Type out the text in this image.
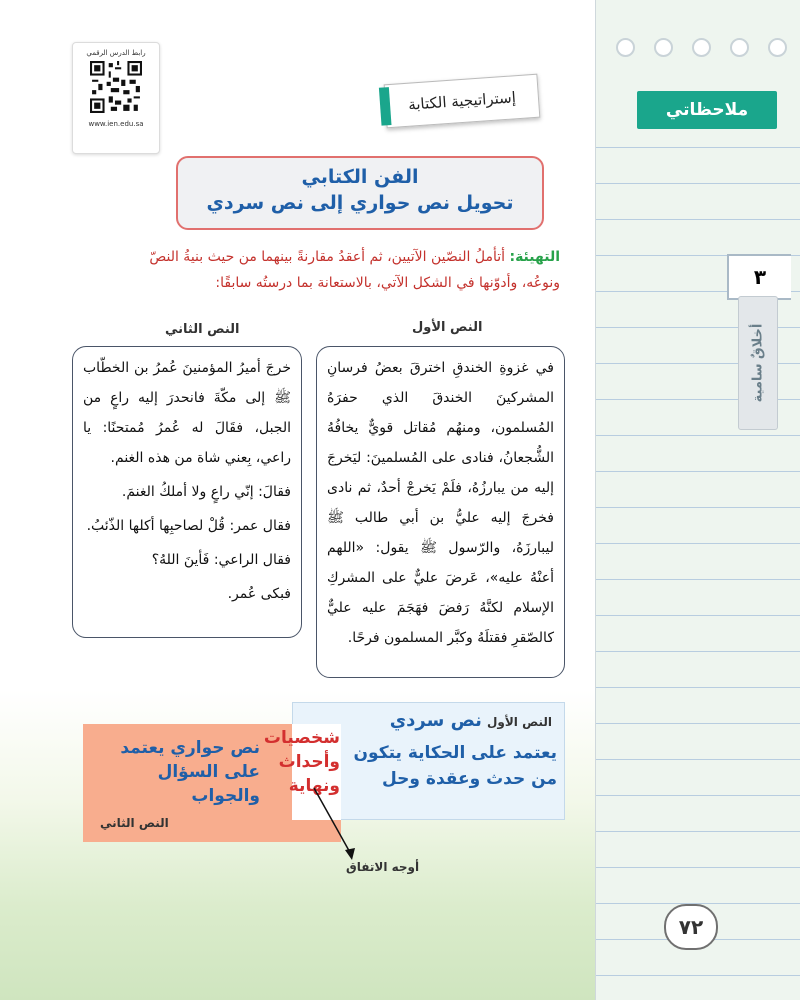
ملاحظاتي
٣
أخلاقٌ سامية
٧٢
رابط الدرس الرقمي
www.ien.edu.sa
إستراتيجية الكتابة
الفن الكتابي
تحويل نص حواري إلى نص سردي
التهيئة: أتأملُ النصّين الآتيين، ثم أعقدُ مقارنةً بينهما من حيث بنيةُ النصّ
ونوعُه، وأدوّنها في الشكل الآتي، بالاستعانة بما درستُه سابقًا:
النص الأول
النص الثاني
في غزوةِ الخندقِ اخترقَ بعضُ فرسانِ المشركينَ الخندقَ الذي حفرَهُ المُسلمون، ومنهُم مُقاتل قويٌّ يخافُهُ الشُّجعانُ، فنادى على المُسلمينَ: ليَخرجَ إليه من يبارزُهُ، فلَمْ يَخرجْ أحدٌ، ثم نادى فخرجَ إليه عليُّ بن أبي طالب ﷺ ليبارزَهُ، والرّسول ﷺ يقول: «اللهم أعنْهُ عليه»، عَرضَ عليٌّ على المشركِ الإسلام لكنَّهُ رَفضَ فهَجَمَ عليه عليٌّ كالصّقرِ فقتلَهُ وكبَّر المسلمون فرحًا.

خرجَ أميرُ المؤمنينَ عُمرُ بن الخطّاب ﷺ إلى مكّةَ فانحدرَ إليه راعٍ من الجبل، فقَالَ له عُمرُ مُمتحنًا: يا راعي، بِعني شاة من هذه الغنم.

فقالَ: إنّي راعٍ ولا أملكُ الغنمَ.

فقال عمر: قُلْ لصاحبِها أكلها الذّئبُ.

فقال الراعي: فَأينَ اللهُ؟

فبكى عُمر.

النص الأول نص سردي
يعتمد على الحكاية يتكون من حدث وعقدة وحل
شخصيات وأحداث ونهاية
نص حواري يعتمد على السؤال والجواب
النص الثاني
أوجه الاتفاق
